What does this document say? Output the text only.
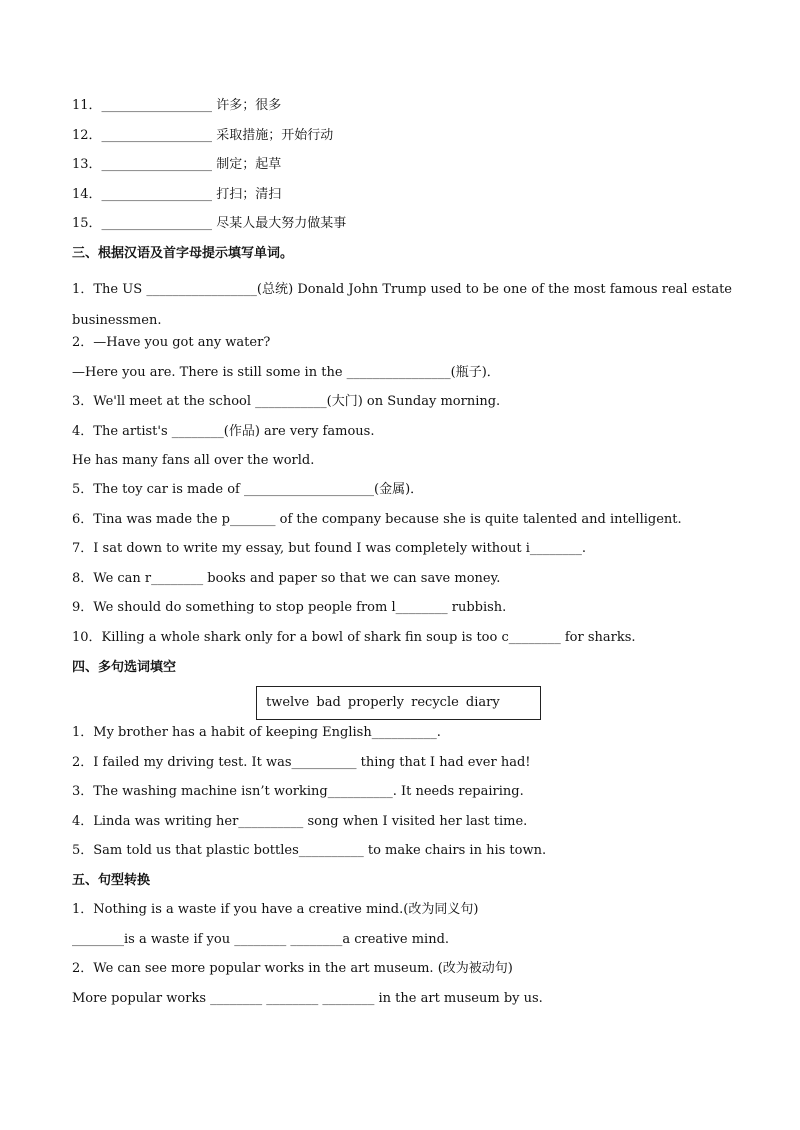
11．_________________ 许多；很多
12．_________________ 采取措施；开始行动
13．_________________ 制定；起草
14．_________________ 打扫；清扫
15．_________________ 尽某人最大努力做某事
三、根据汉语及首字母提示填写单词。
1．The US _________________(总统) Donald John Trump used to be one of the most famous real estate businessmen.
2．—Have you got any water?
—Here you are. There is still some in the ________________(瓶子)．
3．We'll meet at the school ___________(大门) on Sunday morning.
4．The artist's ________(作品) are very famous.
He has many fans all over the world.
5．The toy car is made of ____________________(金属)．
6．Tina was made the p_______ of the company because she is quite talented and intelligent.
7．I sat down to write my essay, but found I was completely without i________.
8．We can r________ books and paper so that we can save money.
9．We should do something to stop people from l________ rubbish.
10．Killing a whole shark only for a bowl of shark fin soup is too c________ for sharks.
四、多句选词填空
twelve bad properly recycle diary
1．My brother has a habit of keeping English__________.
2．I failed my driving test. It was__________ thing that I had ever had!
3．The washing machine isn’t working__________. It needs repairing.
4．Linda was writing her__________ song when I visited her last time.
5．Sam told us that plastic bottles__________ to make chairs in his town.
五、句型转换
1．Nothing is a waste if you have a creative mind.(改为同义句)
________is a waste if you ________ ________a creative mind.
2．We can see more popular works in the art museum. (改为被动句)
More popular works ________ ________ ________ in the art museum by us.
